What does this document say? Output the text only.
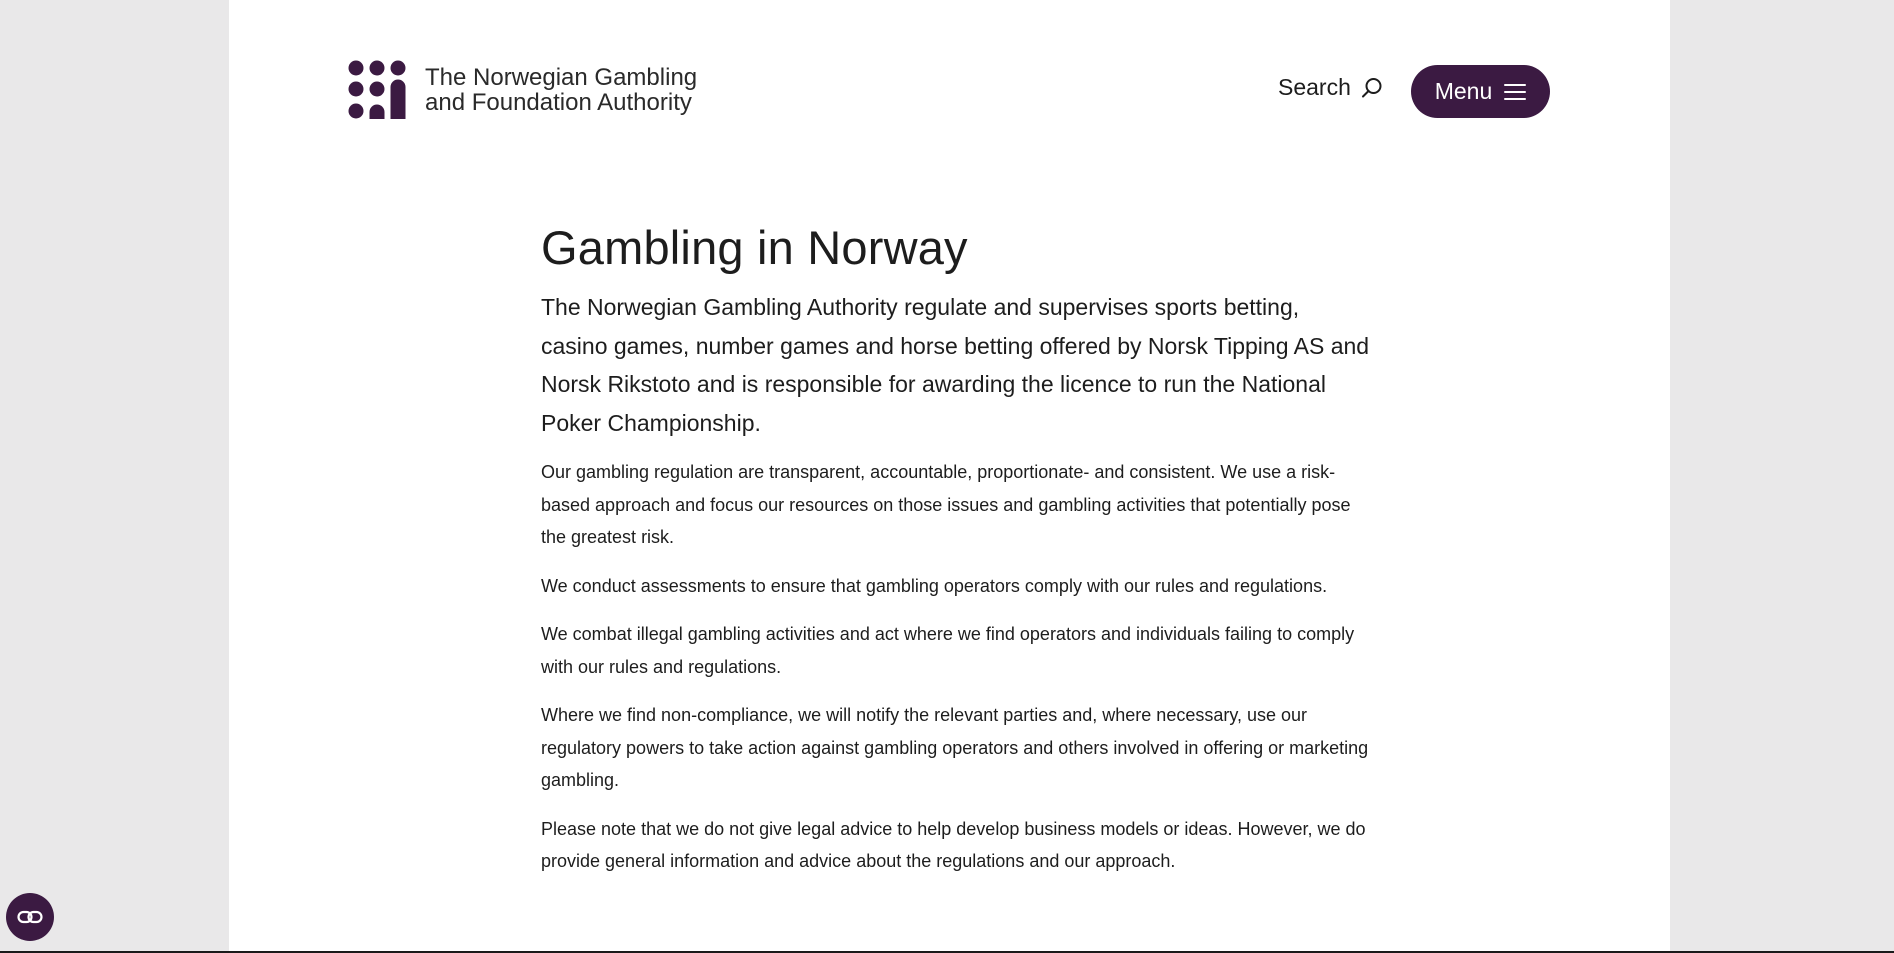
The Norwegian Gambling
and Foundation Authority
Search	Menu
Gambling in Norway

The Norwegian Gambling Authority regulate and supervises sports betting, casino games, number games and horse betting offered by Norsk Tipping AS and Norsk Rikstoto and is responsible for awarding the licence to run the National Poker Championship.

Our gambling regulation are transparent, accountable, proportionate- and consistent. We use a risk-based approach and focus our resources on those issues and gambling activities that potentially pose the greatest risk.

We conduct assessments to ensure that gambling operators comply with our rules and regulations.

We combat illegal gambling activities and act where we find operators and individuals failing to comply with our rules and regulations.

Where we find non-compliance, we will notify the relevant parties and, where necessary, use our regulatory powers to take action against gambling operators and others involved in offering or marketing gambling.

Please note that we do not give legal advice to help develop business models or ideas. However, we do provide general information and advice about the regulations and our approach.
